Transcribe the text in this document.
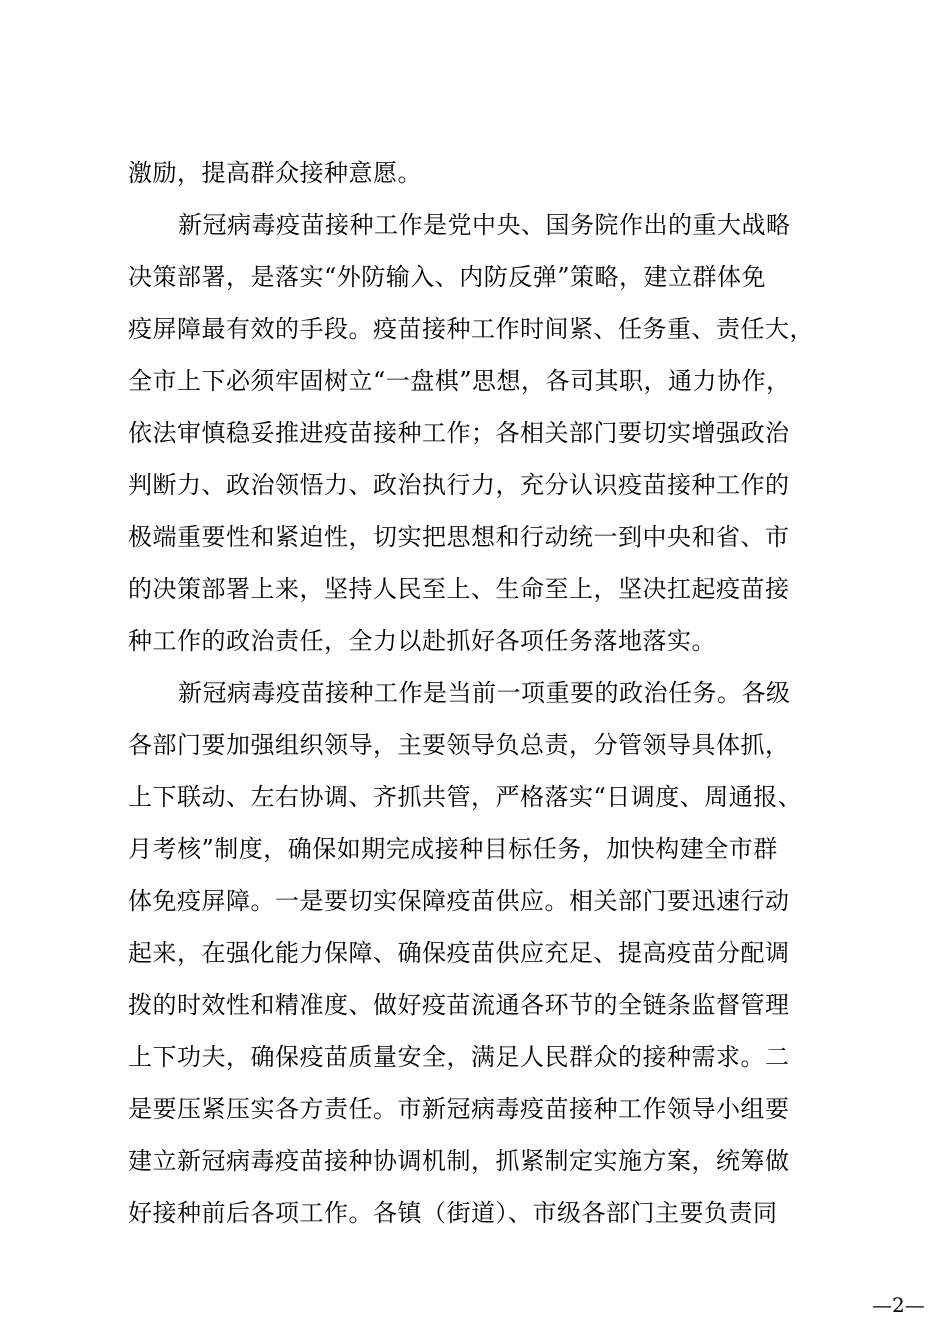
激励，提高群众接种意愿。
新冠病毒疫苗接种工作是党中央、国务院作出的重大战略
决策部署，是落实“外防输入、内防反弹”策略，建立群体免
疫屏障最有效的手段。疫苗接种工作时间紧、任务重、责任大，
全市上下必须牢固树立“一盘棋”思想，各司其职，通力协作，
依法审慎稳妥推进疫苗接种工作；各相关部门要切实增强政治
判断力、政治领悟力、政治执行力，充分认识疫苗接种工作的
极端重要性和紧迫性，切实把思想和行动统一到中央和省、市
的决策部署上来，坚持人民至上、生命至上，坚决扛起疫苗接
种工作的政治责任，全力以赴抓好各项任务落地落实。
新冠病毒疫苗接种工作是当前一项重要的政治任务。各级
各部门要加强组织领导，主要领导负总责，分管领导具体抓，
上下联动、左右协调、齐抓共管，严格落实“日调度、周通报、
月考核”制度，确保如期完成接种目标任务，加快构建全市群
体免疫屏障。一是要切实保障疫苗供应。相关部门要迅速行动
起来，在强化能力保障、确保疫苗供应充足、提高疫苗分配调
拨的时效性和精准度、做好疫苗流通各环节的全链条监督管理
上下功夫，确保疫苗质量安全，满足人民群众的接种需求。二
是要压紧压实各方责任。市新冠病毒疫苗接种工作领导小组要
建立新冠病毒疫苗接种协调机制，抓紧制定实施方案，统筹做
好接种前后各项工作。各镇（街道）、市级各部门主要负责同
—2—
